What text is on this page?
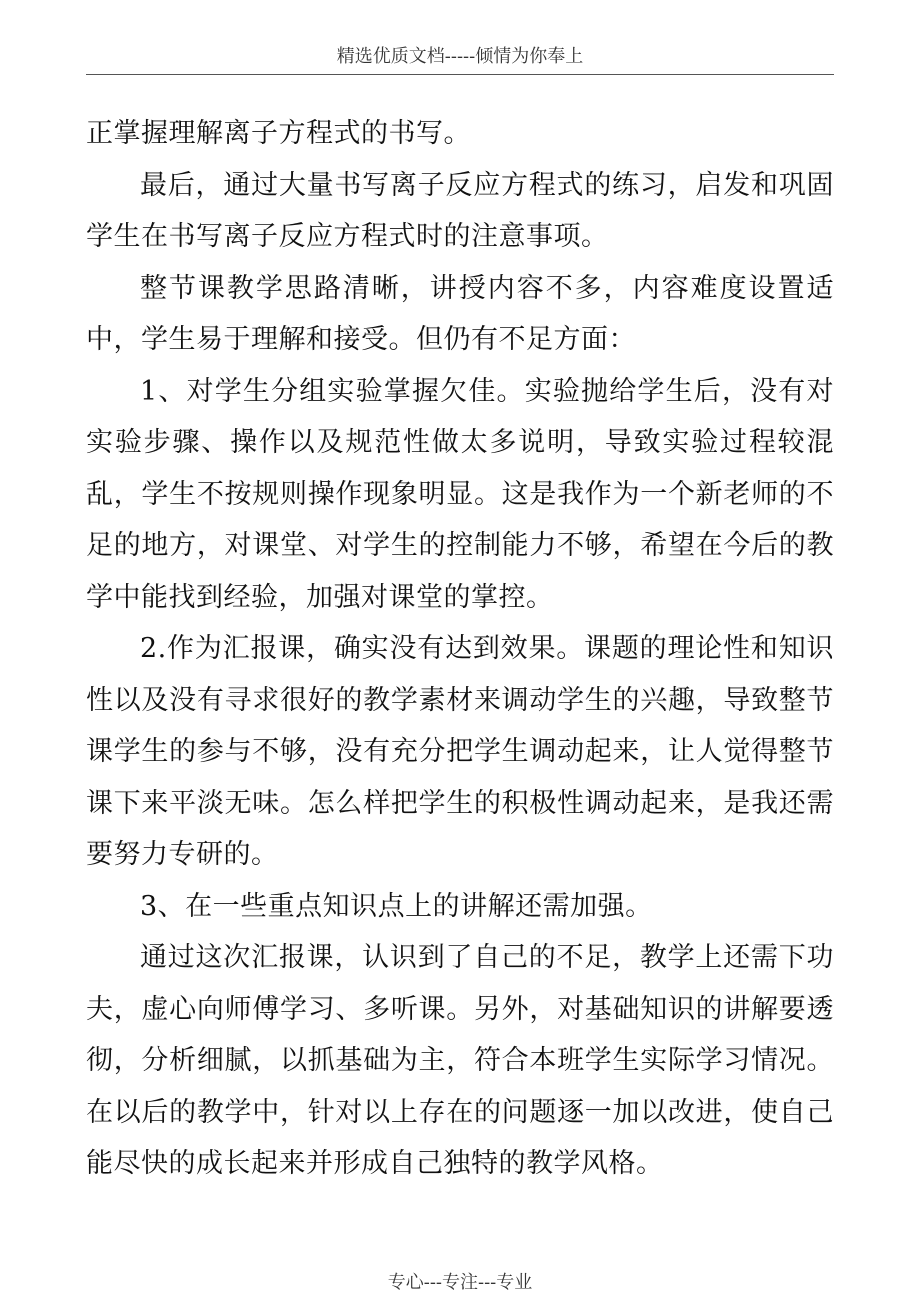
精选优质文档-----倾情为你奉上

正掌握理解离子方程式的书写。

最后，通过大量书写离子反应方程式的练习，启发和巩固学生在书写离子反应方程式时的注意事项。

整节课教学思路清晰，讲授内容不多，内容难度设置适中，学生易于理解和接受。但仍有不足方面：

1、对学生分组实验掌握欠佳。实验抛给学生后，没有对实验步骤、操作以及规范性做太多说明，导致实验过程较混乱，学生不按规则操作现象明显。这是我作为一个新老师的不足的地方，对课堂、对学生的控制能力不够，希望在今后的教学中能找到经验，加强对课堂的掌控。

2.作为汇报课，确实没有达到效果。课题的理论性和知识性以及没有寻求很好的教学素材来调动学生的兴趣，导致整节课学生的参与不够，没有充分把学生调动起来，让人觉得整节课下来平淡无味。怎么样把学生的积极性调动起来，是我还需要努力专研的。

3、在一些重点知识点上的讲解还需加强。

通过这次汇报课，认识到了自己的不足，教学上还需下功夫，虚心向师傅学习、多听课。另外，对基础知识的讲解要透彻，分析细腻，以抓基础为主，符合本班学生实际学习情况。在以后的教学中，针对以上存在的问题逐一加以改进，使自己能尽快的成长起来并形成自己独特的教学风格。

专心---专注---专业
